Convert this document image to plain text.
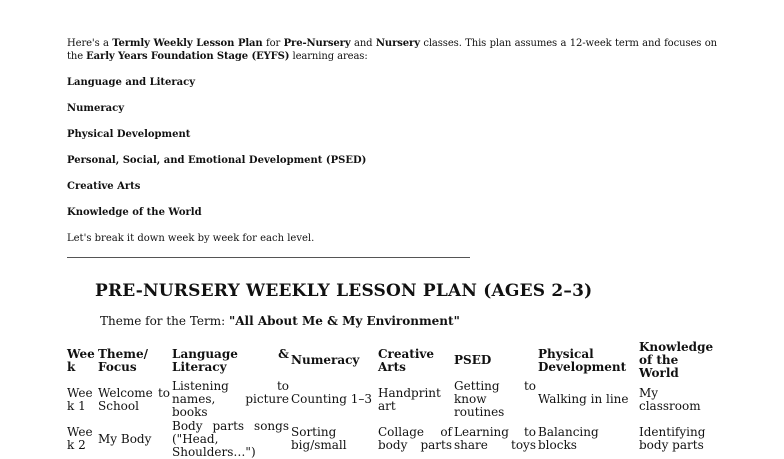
Here's a Termly Weekly Lesson Plan for Pre-Nursery and Nursery classes. This plan assumes a 12-week term and focuses on the Early Years Foundation Stage (EYFS) learning areas:

Language and Literacy
Numeracy
Physical Development
Personal, Social, and Emotional Development (PSED)
Creative Arts
Knowledge of the World
Let's break it down week by week for each level.
PRE-NURSERY WEEKLY LESSON PLAN (AGES 2–3)
Theme for the Term: "All About Me & My Environment"
Week	Theme/ Focus	Language & Literacy	Numeracy	Creative Arts	PSED	Physical Development	Knowledge of the World
Week 1	Welcome to School	Listening to names, picture books	Counting 1–3	Handprint art	Getting to know routines	Walking in line	My classroom
Week 2	My Body	Body parts songs ("Head, Shoulders…")	Sorting big/small	Collage of body parts	Learning to share toys	Balancing blocks	Identifying body parts
